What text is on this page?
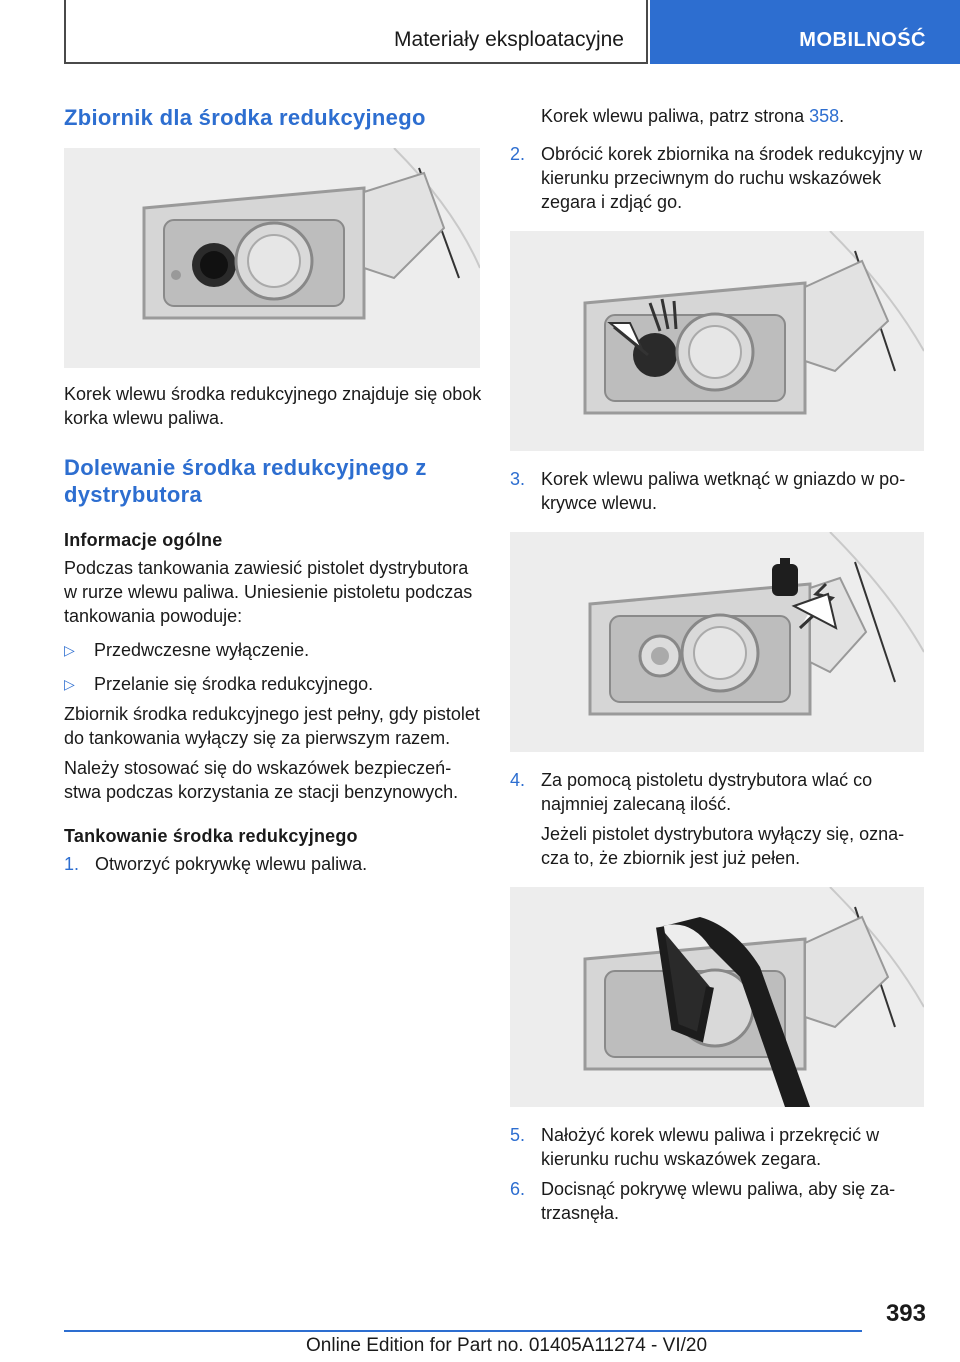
Materiały eksploatacyjne	MOBILNOŚĆ
Zbiornik dla środka redukcyjnego

Korek wlewu środka redukcyjnego znajduje się obok korka wlewu paliwa.

Dolewanie środka redukcyjnego z dystrybutora
Informacje ogólne

Podczas tankowania zawiesić pistolet dystrybutora w rurze wlewu paliwa. Uniesienie pistoletu podczas tankowania powoduje:

▷ Przedwczesne wyłączenie.
▷ Przelanie się środka redukcyjnego.

Zbiornik środka redukcyjnego jest pełny, gdy pistolet do tankowania wyłączy się za pierwszym razem.

Należy stosować się do wskazówek bezpieczeństwa podczas korzystania ze stacji benzynowych.

Tankowanie środka redukcyjnego
1. Otworzyć pokrywkę wlewu paliwa.

Korek wlewu paliwa, patrz strona 358.

2. Obrócić korek zbiornika na środek redukcyjny w kierunku przeciwnym do ruchu wskazówek zegara i zdjąć go.
3. Korek wlewu paliwa wetknąć w gniazdo w pokrywce wlewu.
4. Za pomocą pistoletu dystrybutora wlać co najmniej zalecaną ilość.

Jeżeli pistolet dystrybutora wyłączy się, oznacza to, że zbiornik jest już pełen.

5. Nałożyć korek wlewu paliwa i przekręcić w kierunku ruchu wskazówek zegara.
6. Docisnąć pokrywę wlewu paliwa, aby się zatrzasnęła.
393
Online Edition for Part no. 01405A11274 - VI/20
